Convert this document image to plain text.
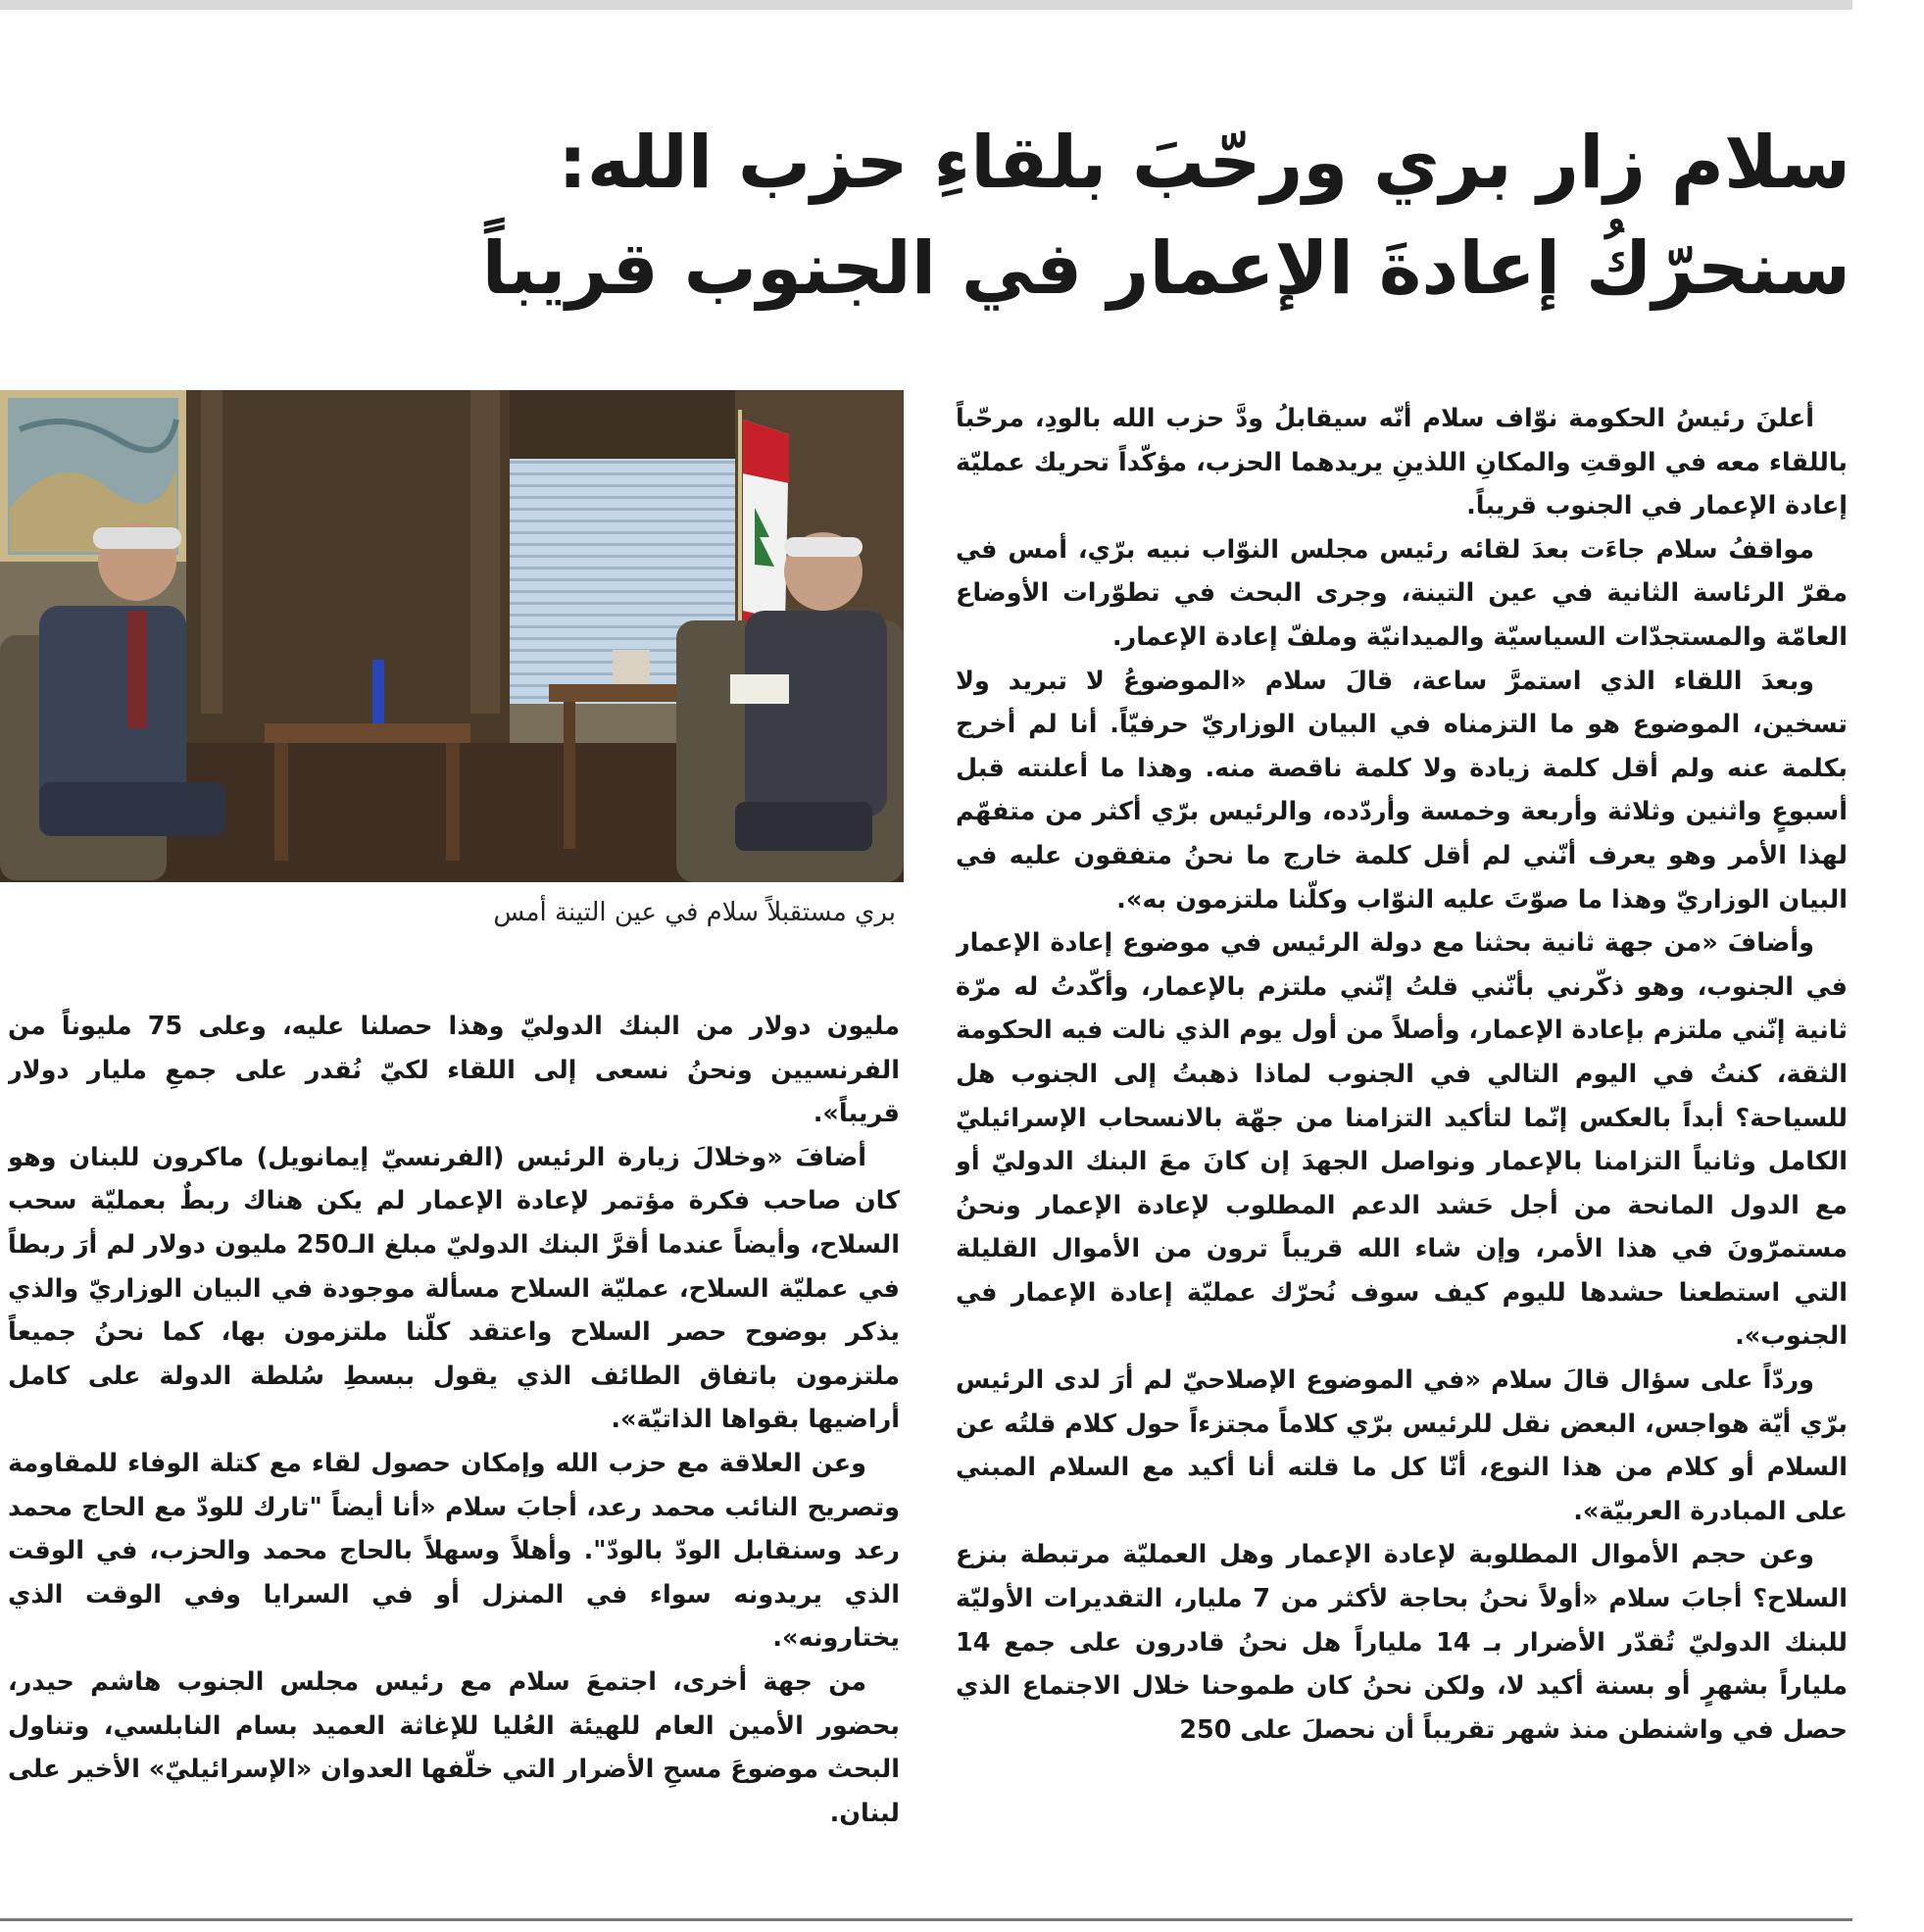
سلام زار بري ورحّبَ بلقاءِ حزب الله:
سنحرّكُ إعادةَ الإعمار في الجنوب قريباً
بري مستقبلاً سلام في عين التينة أمس

أعلنَ رئيسُ الحكومة نوّاف سلام أنّه سيقابلُ ودَّ حزب الله بالودِ، مرحّباً باللقاء معه في الوقتِ والمكانِ اللذينِ يريدهما الحزب، مؤكّداً تحريك عمليّة إعادة الإعمار في الجنوب قريباً.

مواقفُ سلام جاءَت بعدَ لقائه رئيس مجلس النوّاب نبيه برّي، أمس في مقرّ الرئاسة الثانية في عين التينة، وجرى البحث في تطوّرات الأوضاع العامّة والمستجدّات السياسيّة والميدانيّة وملفّ إعادة الإعمار.

وبعدَ اللقاء الذي استمرَّ ساعة، قالَ سلام «الموضوعُ لا تبريد ولا تسخين، الموضوع هو ما التزمناه في البيان الوزاريّ حرفيّاً. أنا لم أخرج بكلمة عنه ولم أقل كلمة زيادة ولا كلمة ناقصة منه. وهذا ما أعلنته قبل أسبوعٍ واثنين وثلاثة وأربعة وخمسة وأردّده، والرئيس برّي أكثر من متفهّم لهذا الأمر وهو يعرف أنّني لم أقل كلمة خارج ما نحنُ متفقون عليه في البيان الوزاريّ وهذا ما صوّتَ عليه النوّاب وكلّنا ملتزمون به».

وأضافَ «من جهة ثانية بحثنا مع دولة الرئيس في موضوع إعادة الإعمار في الجنوب، وهو ذكّرني بأنّني قلتُ إنّني ملتزم بالإعمار، وأكّدتُ له مرّة ثانية إنّني ملتزم بإعادة الإعمار، وأصلاً من أول يوم الذي نالت فيه الحكومة الثقة، كنتُ في اليوم التالي في الجنوب لماذا ذهبتُ إلى الجنوب هل للسياحة؟ أبداً بالعكس إنّما لتأكيد التزامنا من جهّة بالانسحاب الإسرائيليّ الكامل وثانياً التزامنا بالإعمار ونواصل الجهدَ إن كانَ معَ البنك الدوليّ أو مع الدول المانحة من أجل حَشد الدعم المطلوب لإعادة الإعمار ونحنُ مستمرّونَ في هذا الأمر، وإن شاء الله قريباً ترون من الأموال القليلة التي استطعنا حشدها لليوم كيف سوف نُحرّك عمليّة إعادة الإعمار في الجنوب».

وردّاً على سؤال قالَ سلام «في الموضوع الإصلاحيّ لم أرَ لدى الرئيس برّي أيّة هواجس، البعض نقل للرئيس برّي كلاماً مجتزءاً حول كلام قلتُه عن السلام أو كلام من هذا النوع، أنّا كل ما قلته أنا أكيد مع السلام المبني على المبادرة العربيّة».

وعن حجم الأموال المطلوبة لإعادة الإعمار وهل العمليّة مرتبطة بنزع السلاح؟ أجابَ سلام «أولاً نحنُ بحاجة لأكثر من 7 مليار، التقديرات الأوليّة للبنك الدوليّ تُقدّر الأضرار بـ 14 ملياراً هل نحنُ قادرون على جمع 14 ملياراً بشهرٍ أو بسنة أكيد لا، ولكن نحنُ كان طموحنا خلال الاجتماع الذي حصل في واشنطن منذ شهر تقريباً أن نحصلَ على 250

مليون دولار من البنك الدوليّ وهذا حصلنا عليه، وعلى 75 مليوناً من الفرنسيين ونحنُ نسعى إلى اللقاء لكيّ نُقدر على جمعِ مليار دولار قريباً».

أضافَ «وخلالَ زيارة الرئيس (الفرنسيّ إيمانويل) ماكرون للبنان وهو كان صاحب فكرة مؤتمر لإعادة الإعمار لم يكن هناك ربطٌ بعمليّة سحب السلاح، وأيضاً عندما أقرَّ البنك الدوليّ مبلغ الـ250 مليون دولار لم أرَ ربطاً في عمليّة السلاح، عمليّة السلاح مسألة موجودة في البيان الوزاريّ والذي يذكر بوضوح حصر السلاح واعتقد كلّنا ملتزمون بها، كما نحنُ جميعاً ملتزمون باتفاق الطائف الذي يقول ببسطِ سُلطة الدولة على كامل أراضيها بقواها الذاتيّة».

وعن العلاقة مع حزب الله وإمكان حصول لقاء مع كتلة الوفاء للمقاومة وتصريح النائب محمد رعد، أجابَ سلام «أنا أيضاً "تارك للودّ مع الحاج محمد رعد وسنقابل الودّ بالودّ". وأهلاً وسهلاً بالحاج محمد والحزب، في الوقت الذي يريدونه سواء في المنزل أو في السرايا وفي الوقت الذي يختارونه».

من جهة أخرى، اجتمعَ سلام مع رئيس مجلس الجنوب هاشم حيدر، بحضور الأمين العام للهيئة العُليا للإغاثة العميد بسام النابلسي، وتناول البحث موضوعَ مسحِ الأضرار التي خلّفها العدوان «الإسرائيليّ» الأخير على لبنان.
